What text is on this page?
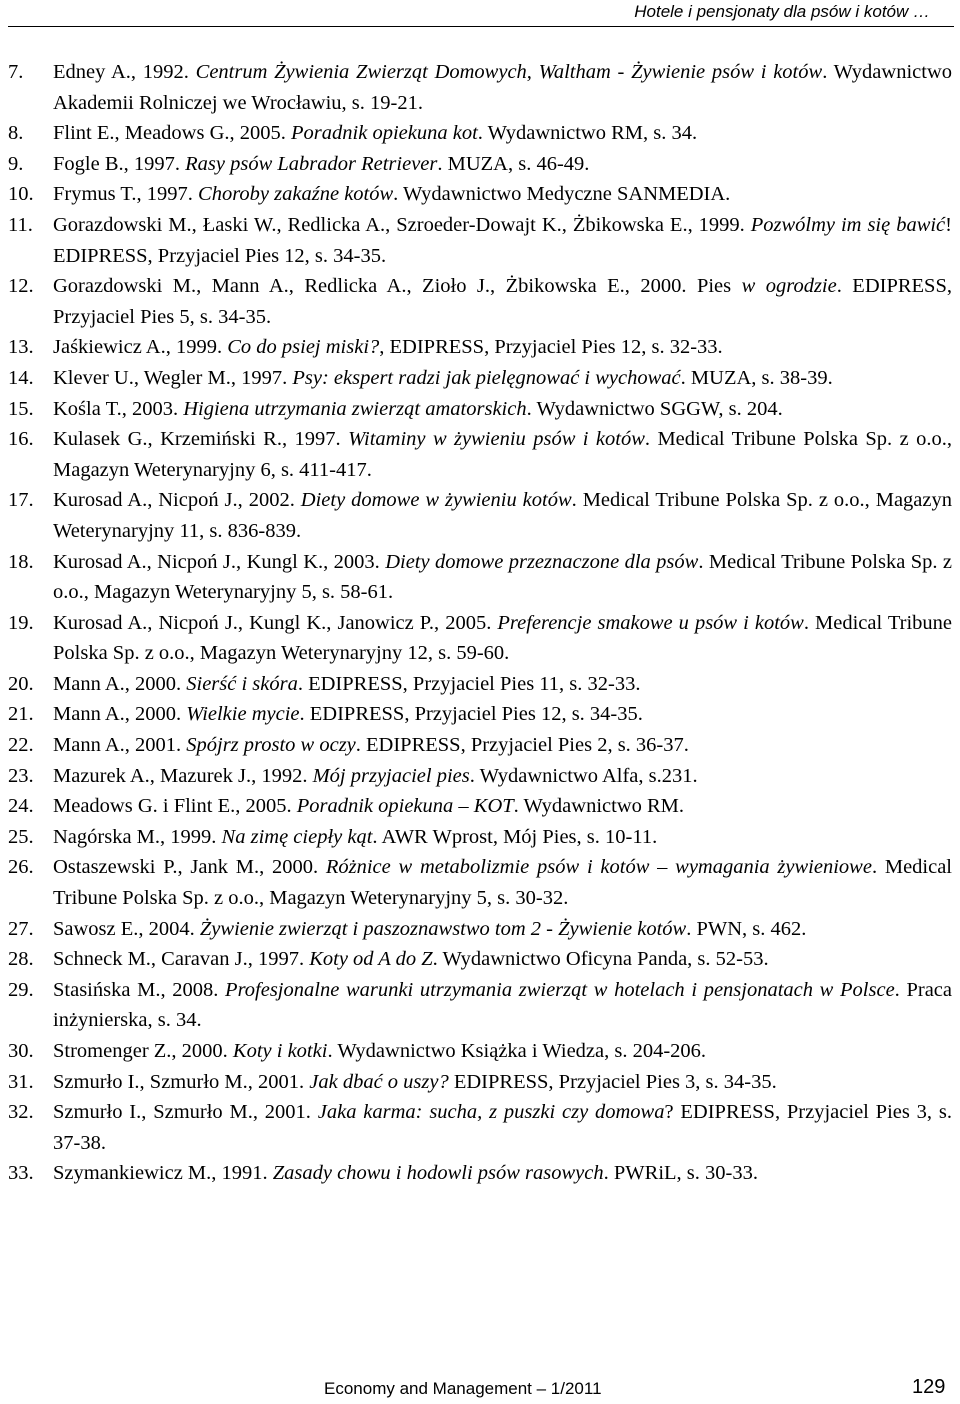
Hotele i pensjonaty dla psów i kotów …
7. Edney A., 1992. Centrum Żywienia Zwierząt Domowych, Waltham - Żywienie psów i kotów. Wydawnictwo Akademii Rolniczej we Wrocławiu, s. 19-21.
8. Flint E., Meadows G., 2005. Poradnik opiekuna kot. Wydawnictwo RM, s. 34.
9. Fogle B., 1997. Rasy psów Labrador Retriever. MUZA, s. 46-49.
10. Frymus T., 1997. Choroby zakaźne kotów. Wydawnictwo Medyczne SANMEDIA.
11. Gorazdowski M., Łaski W., Redlicka A., Szroeder-Dowajt K., Żbikowska E., 1999. Pozwólmy im się bawić! EDIPRESS, Przyjaciel Pies 12, s. 34-35.
12. Gorazdowski M., Mann A., Redlicka A., Zioło J., Żbikowska E., 2000. Pies w ogrodzie. EDIPRESS, Przyjaciel Pies 5, s. 34-35.
13. Jaśkiewicz A., 1999. Co do psiej miski?, EDIPRESS, Przyjaciel Pies 12, s. 32-33.
14. Klever U., Wegler M., 1997. Psy: ekspert radzi jak pielęgnować i wychować. MUZA, s. 38-39.
15. Kośla T., 2003. Higiena utrzymania zwierząt amatorskich. Wydawnictwo SGGW, s. 204.
16. Kulasek G., Krzemiński R., 1997. Witaminy w żywieniu psów i kotów. Medical Tribune Polska Sp. z o.o., Magazyn Weterynaryjny 6, s. 411-417.
17. Kurosad A., Nicpoń J., 2002. Diety domowe w żywieniu kotów. Medical Tribune Polska Sp. z o.o., Magazyn Weterynaryjny 11, s. 836-839.
18. Kurosad A., Nicpoń J., Kungl K., 2003. Diety domowe przeznaczone dla psów. Medical Tribune Polska Sp. z o.o., Magazyn Weterynaryjny 5, s. 58-61.
19. Kurosad A., Nicpoń J., Kungl K., Janowicz P., 2005. Preferencje smakowe u psów i kotów. Medical Tribune Polska Sp. z o.o., Magazyn Weterynaryjny 12, s. 59-60.
20. Mann A., 2000. Sierść i skóra. EDIPRESS, Przyjaciel Pies 11, s. 32-33.
21. Mann A., 2000. Wielkie mycie. EDIPRESS, Przyjaciel Pies 12, s. 34-35.
22. Mann A., 2001. Spójrz prosto w oczy. EDIPRESS, Przyjaciel Pies 2, s. 36-37.
23. Mazurek A., Mazurek J., 1992. Mój przyjaciel pies. Wydawnictwo Alfa, s.231.
24. Meadows G. i Flint E., 2005. Poradnik opiekuna – KOT. Wydawnictwo RM.
25. Nagórska M., 1999. Na zimę ciepły kąt. AWR Wprost, Mój Pies, s. 10-11.
26. Ostaszewski P., Jank M., 2000. Różnice w metabolizmie psów i kotów – wymagania żywieniowe. Medical Tribune Polska Sp. z o.o., Magazyn Weterynaryjny 5, s. 30-32.
27. Sawosz E., 2004. Żywienie zwierząt i paszoznawstwo tom 2 - Żywienie kotów. PWN, s. 462.
28. Schneck M., Caravan J., 1997. Koty od A do Z. Wydawnictwo Oficyna Panda, s. 52-53.
29. Stasińska M., 2008. Profesjonalne warunki utrzymania zwierząt w hotelach i pensjonatach w Polsce. Praca inżynierska, s. 34.
30. Stromenger Z., 2000. Koty i kotki. Wydawnictwo Książka i Wiedza, s. 204-206.
31. Szmurło I., Szmurło M., 2001. Jak dbać o uszy? EDIPRESS, Przyjaciel Pies 3, s. 34-35.
32. Szmurło I., Szmurło M., 2001. Jaka karma: sucha, z puszki czy domowa? EDIPRESS, Przyjaciel Pies 3, s. 37-38.
33. Szymankiewicz M., 1991. Zasady chowu i hodowli psów rasowych. PWRiL, s. 30-33.
Economy and Management – 1/2011	129
